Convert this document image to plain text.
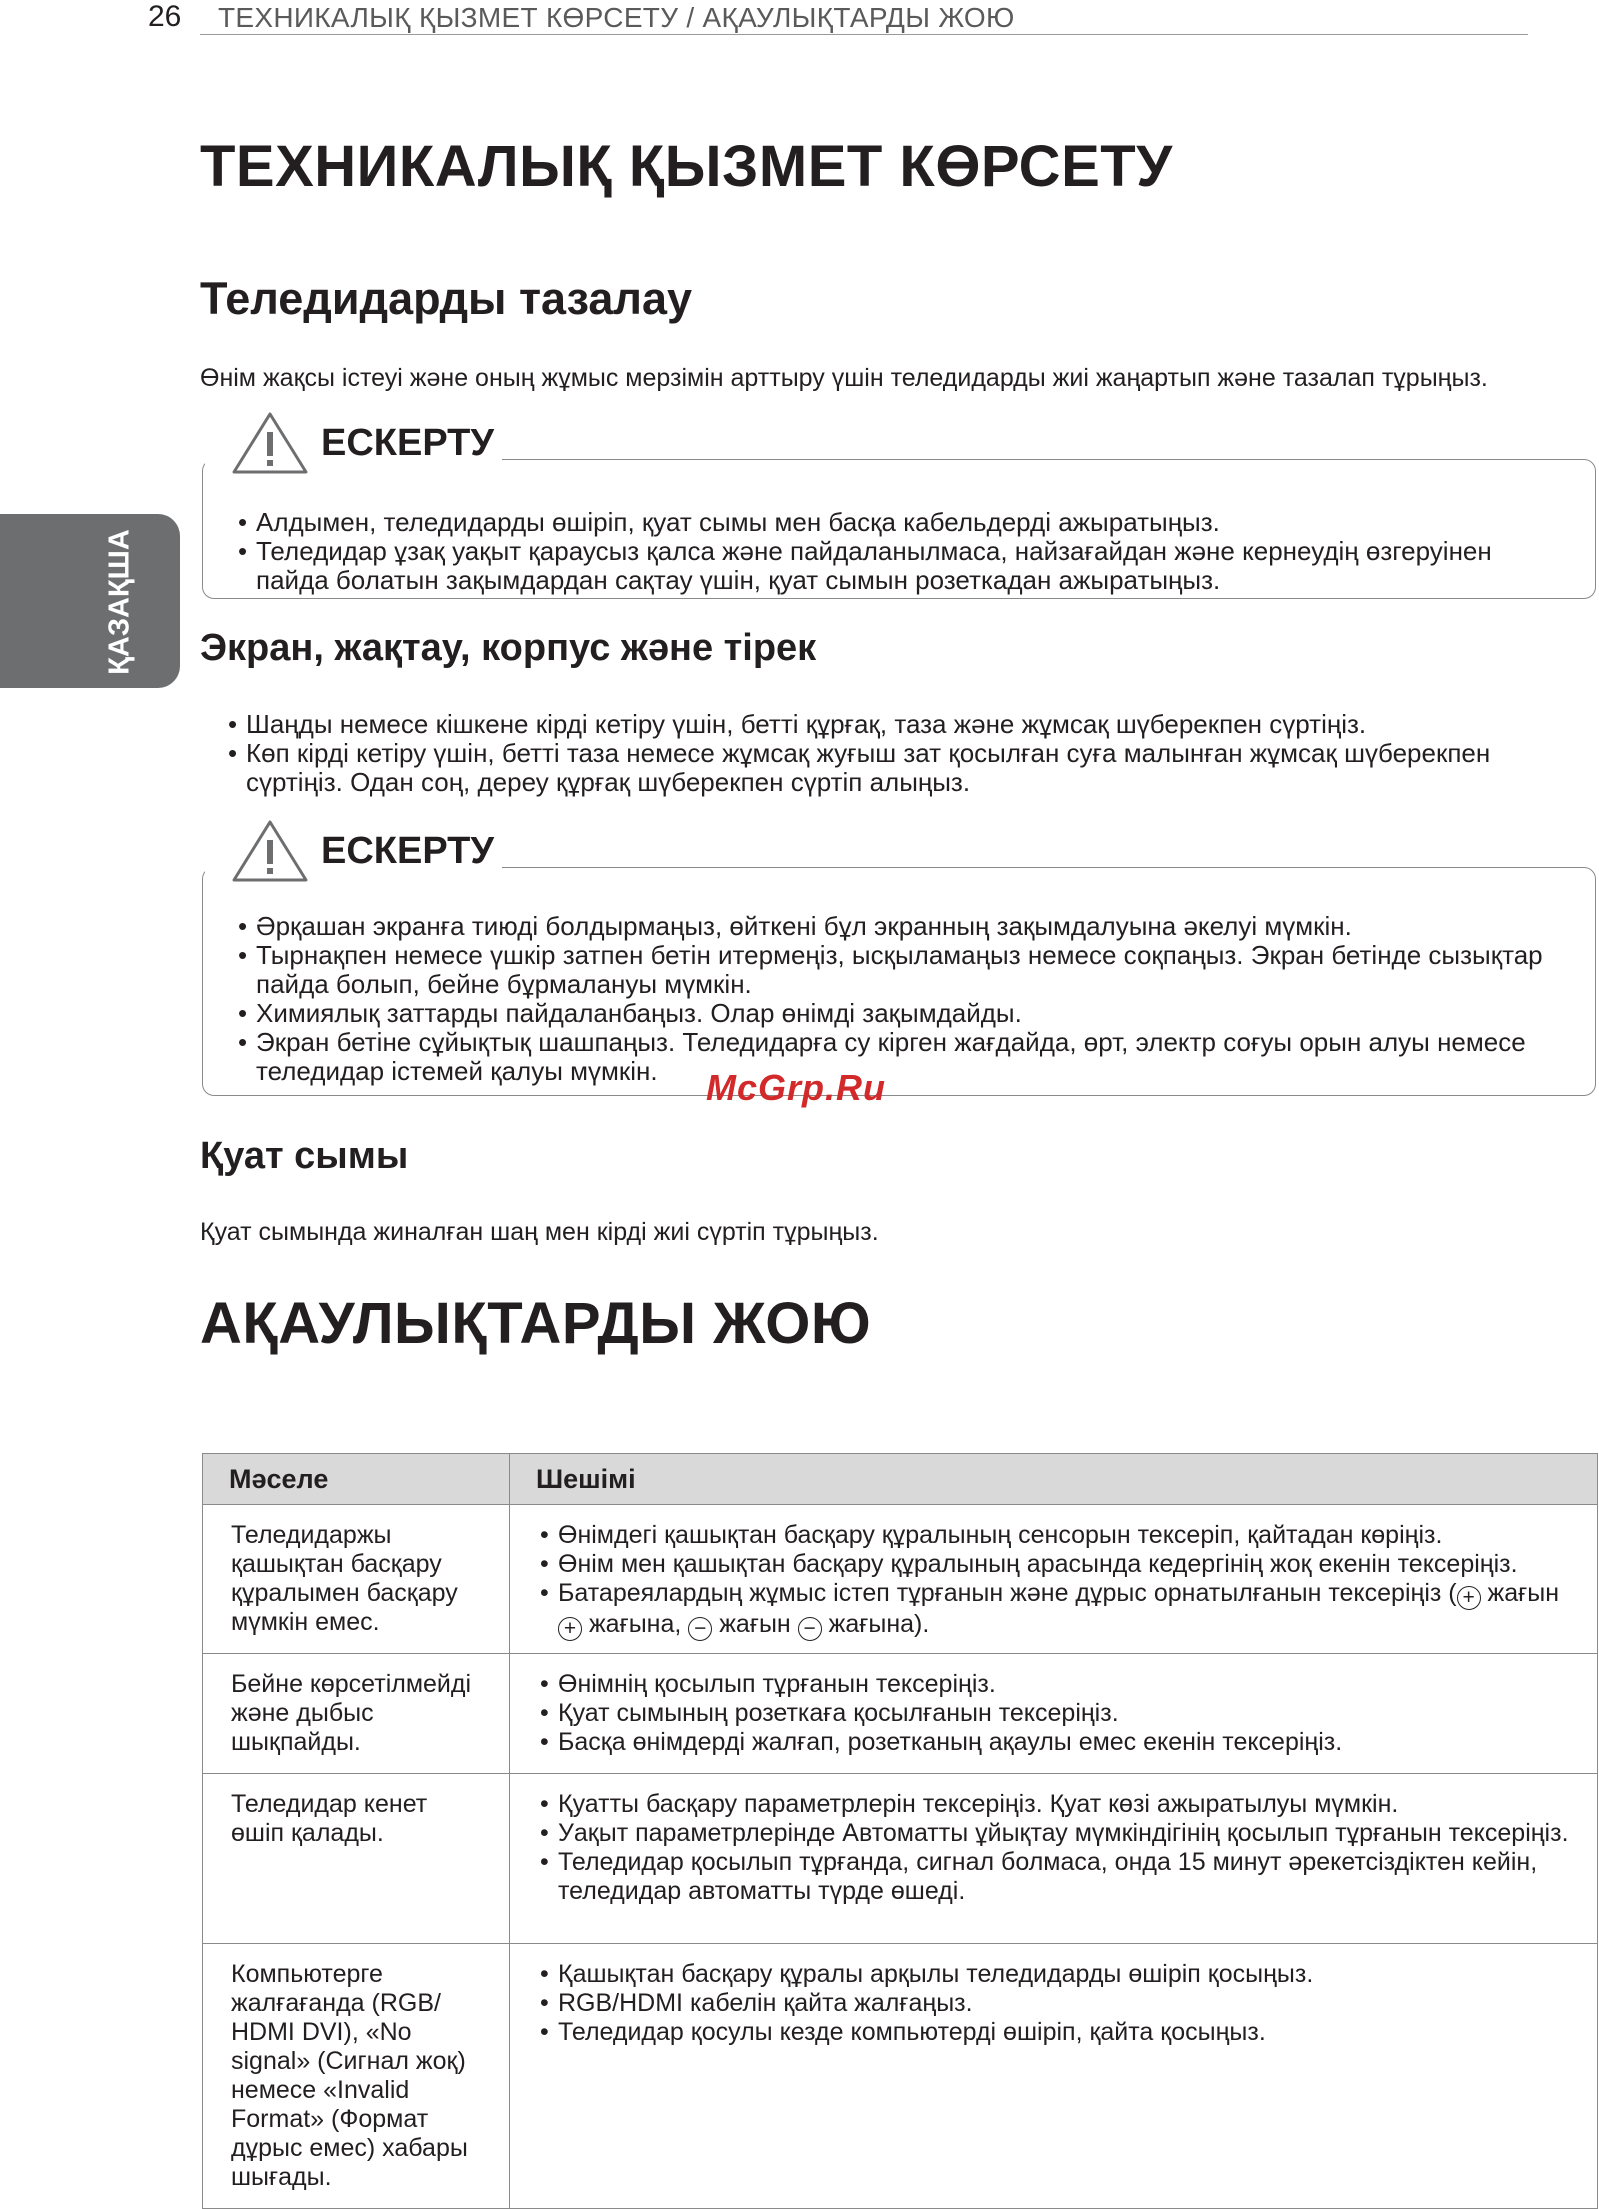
26 ТЕХНИКАЛЫҚ ҚЫЗМЕТ КӨРСЕТУ / АҚАУЛЫҚТАРДЫ ЖОЮ
ҚАЗАҚША
ТЕХНИКАЛЫҚ ҚЫЗМЕТ КӨРСЕТУ
Теледидарды тазалау
Өнім жақсы істеуі және оның жұмыс мерзімін арттыру үшін теледидарды жиі жаңартып және тазалап тұрыңыз.
ЕСКЕРТУ
• Алдымен, теледидарды өшіріп, қуат сымы мен басқа кабельдерді ажыратыңыз.
• Теледидар ұзақ уақыт қараусыз қалса және пайдаланылмаса, найзағайдан және кернеудің өзгеруінен пайда болатын зақымдардан сақтау үшін, қуат сымын розеткадан ажыратыңыз.
Экран, жақтау, корпус және тірек
• Шаңды немесе кішкене кірді кетіру үшін, бетті құрғақ, таза және жұмсақ шүберекпен сүртіңіз.
• Көп кірді кетіру үшін, бетті таза немесе жұмсақ жуғыш зат қосылған суға малынған жұмсақ шүберекпен сүртіңіз. Одан соң, дереу құрғақ шүберекпен сүртіп алыңыз.
ЕСКЕРТУ
• Әрқашан экранға тиюді болдырмаңыз, өйткені бұл экранның зақымдалуына әкелуі мүмкін.
• Тырнақпен немесе үшкір затпен бетін итермеңіз, ысқыламаңыз немесе соқпаңыз. Экран бетінде сызықтар пайда болып, бейне бұрмалануы мүмкін.
• Химиялық заттарды пайдаланбаңыз. Олар өнімді зақымдайды.
• Экран бетіне сұйықтық шашпаңыз. Теледидарға су кірген жағдайда, өрт, электр соғуы орын алуы немесе теледидар істемей қалуы мүмкін.	McGrp.Ru
Қуат сымы
Қуат сымында жиналған шаң мен кірді жиі сүртіп тұрыңыз.
АҚАУЛЫҚТАРДЫ ЖОЮ
Мәселе	Шешімі
Теледидаржы қашықтан басқару құралымен басқару мүмкін емес.	• Өнімдегі қашықтан басқару құралының сенсорын тексеріп, қайтадан көріңіз.
• Өнім мен қашықтан басқару құралының арасында кедергінің жоқ екенін тексеріңіз.
• Батареялардың жұмыс істеп тұрғанын және дұрыс орнатылғанын тексеріңіз ( + жағын + жағына, − жағын − жағына).

Бейне көрсетілмейді және дыбыс шықпайды.	• Өнімнің қосылып тұрғанын тексеріңіз.
• Қуат сымының розеткаға қосылғанын тексеріңіз.
• Басқа өнімдерді жалғап, розетканың ақаулы емес екенін тексеріңіз.

Теледидар кенет өшіп қалады.	• Қуатты басқару параметрлерін тексеріңіз. Қуат көзі ажыратылуы мүмкін.
• Уақыт параметрлерінде Автоматты ұйықтау мүмкіндігінің қосылып тұрғанын тексеріңіз.
• Теледидар қосылып тұрғанда, сигнал болмаса, онда 15 минут әрекетсіздіктен кейін, теледидар автоматты түрде өшеді.

Компьютерге жалғағанда (RGB/ HDMI DVI), «No signal» (Сигнал жоқ) немесе «Invalid Format» (Формат дұрыс емес) хабары шығады.	• Қашықтан басқару құралы арқылы теледидарды өшіріп қосыңыз.
• RGB/HDMI кабелін қайта жалғаңыз.
• Теледидар қосулы кезде компьютерді өшіріп, қайта қосыңыз.
